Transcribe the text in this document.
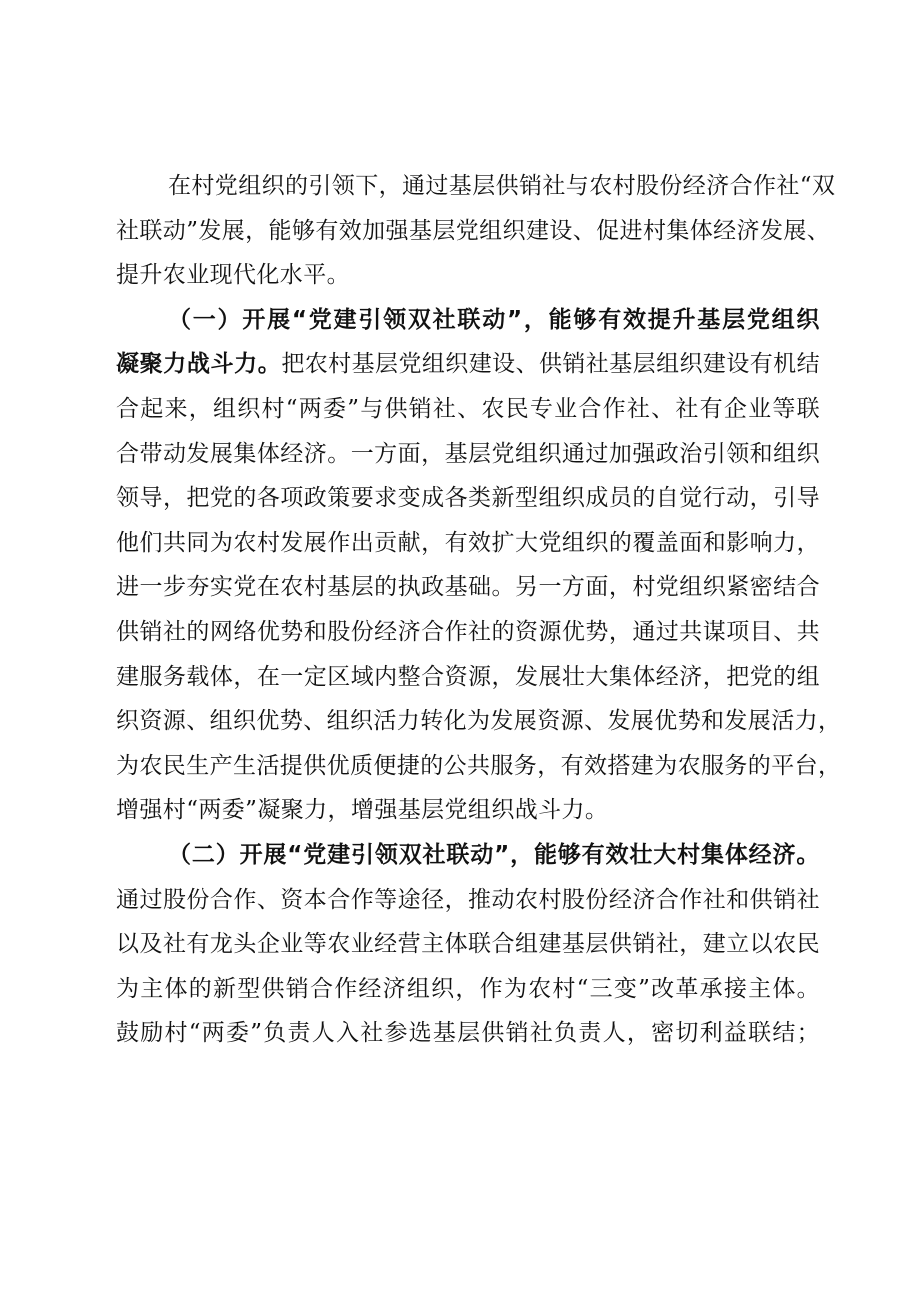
在村党组织的引领下，通过基层供销社与农村股份经济合作社“双
社联动”发展，能够有效加强基层党组织建设、促进村集体经济发展、
提升农业现代化水平。
（一）开展“党建引领双社联动”，能够有效提升基层党组织
凝聚力战斗力。把农村基层党组织建设、供销社基层组织建设有机结
合起来，组织村“两委”与供销社、农民专业合作社、社有企业等联
合带动发展集体经济。一方面，基层党组织通过加强政治引领和组织
领导，把党的各项政策要求变成各类新型组织成员的自觉行动，引导
他们共同为农村发展作出贡献，有效扩大党组织的覆盖面和影响力，
进一步夯实党在农村基层的执政基础。另一方面，村党组织紧密结合
供销社的网络优势和股份经济合作社的资源优势，通过共谋项目、共
建服务载体，在一定区域内整合资源，发展壮大集体经济，把党的组
织资源、组织优势、组织活力转化为发展资源、发展优势和发展活力，
为农民生产生活提供优质便捷的公共服务，有效搭建为农服务的平台，
增强村“两委”凝聚力，增强基层党组织战斗力。
（二）开展“党建引领双社联动”，能够有效壮大村集体经济。
通过股份合作、资本合作等途径，推动农村股份经济合作社和供销社
以及社有龙头企业等农业经营主体联合组建基层供销社，建立以农民
为主体的新型供销合作经济组织，作为农村“三变”改革承接主体。
鼓励村“两委”负责人入社参选基层供销社负责人，密切利益联结；
